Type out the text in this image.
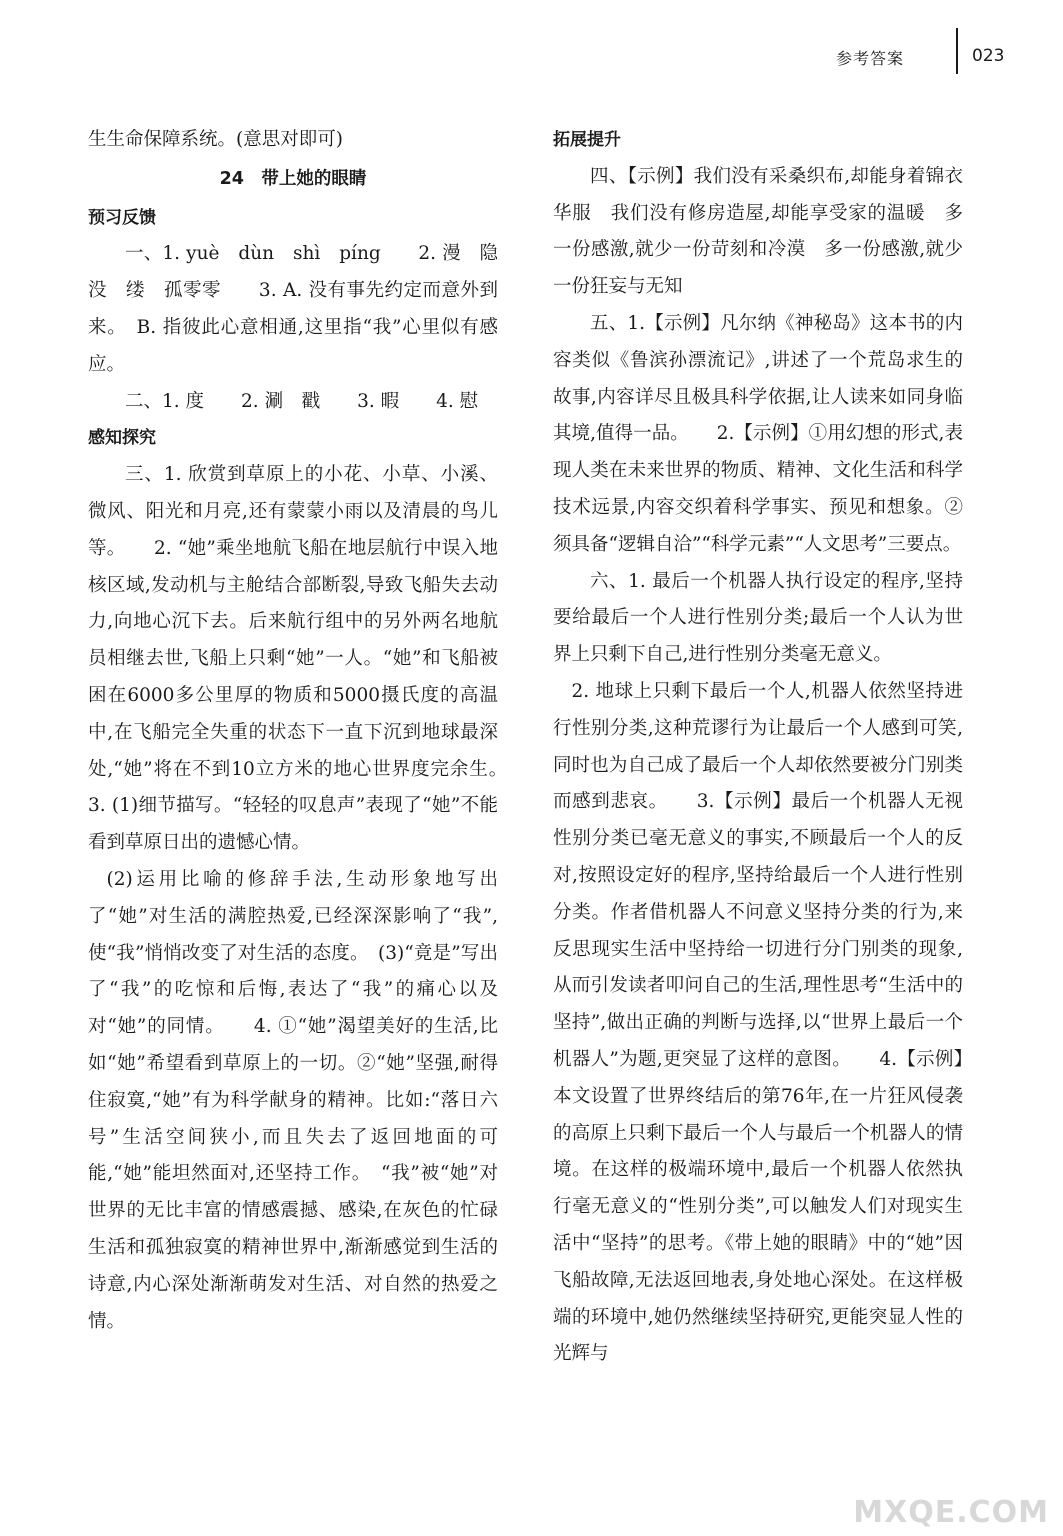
参考答案	023

生生命保障系统。(意思对即可)

24　带上她的眼睛

预习反馈

一、1. yuè　dùn　shì　píng　　2. 漫　隐没　缕　孤零零　　3. A. 没有事先约定而意外到来。　B. 指彼此心意相通,这里指“我”心里似有感应。

二、1. 度　　2. 涮　戳　　3. 暇　　4. 慰

感知探究

三、1. 欣赏到草原上的小花、小草、小溪、微风、阳光和月亮,还有蒙蒙小雨以及清晨的鸟儿等。　　2. “她”乘坐地航飞船在地层航行中误入地核区域,发动机与主舱结合部断裂,导致飞船失去动力,向地心沉下去。后来航行组中的另外两名地航员相继去世,飞船上只剩“她”一人。“她”和飞船被困在6000多公里厚的物质和5000摄氏度的高温中,在飞船完全失重的状态下一直下沉到地球最深处,“她”将在不到10立方米的地心世界度完余生。　　3. (1)细节描写。“轻轻的叹息声”表现了“她”不能看到草原日出的遗憾心情。

(2)运用比喻的修辞手法,生动形象地写出了“她”对生活的满腔热爱,已经深深影响了“我”,使“我”悄悄改变了对生活的态度。　(3)“竟是”写出了“我”的吃惊和后悔,表达了“我”的痛心以及对“她”的同情。　　4. ①“她”渴望美好的生活,比如“她”希望看到草原上的一切。②“她”坚强,耐得住寂寞,“她”有为科学献身的精神。比如:“落日六号”生活空间狭小,而且失去了返回地面的可能,“她”能坦然面对,还坚持工作。　“我”被“她”对世界的无比丰富的情感震撼、感染,在灰色的忙碌生活和孤独寂寞的精神世界中,渐渐感觉到生活的诗意,内心深处渐渐萌发对生活、对自然的热爱之情。

拓展提升

四、【示例】我们没有采桑织布,却能身着锦衣华服　我们没有修房造屋,却能享受家的温暖　多一份感激,就少一份苛刻和冷漠　多一份感激,就少一份狂妄与无知

五、1.【示例】凡尔纳《神秘岛》这本书的内容类似《鲁滨孙漂流记》,讲述了一个荒岛求生的故事,内容详尽且极具科学依据,让人读来如同身临其境,值得一品。　　2.【示例】①用幻想的形式,表现人类在未来世界的物质、精神、文化生活和科学技术远景,内容交织着科学事实、预见和想象。②须具备“逻辑自洽”“科学元素”“人文思考”三要点。

六、1. 最后一个机器人执行设定的程序,坚持要给最后一个人进行性别分类;最后一个人认为世界上只剩下自己,进行性别分类毫无意义。

2. 地球上只剩下最后一个人,机器人依然坚持进行性别分类,这种荒谬行为让最后一个人感到可笑,同时也为自己成了最后一个人却依然要被分门别类而感到悲哀。　　3.【示例】最后一个机器人无视性别分类已毫无意义的事实,不顾最后一个人的反对,按照设定好的程序,坚持给最后一个人进行性别分类。作者借机器人不问意义坚持分类的行为,来反思现实生活中坚持给一切进行分门别类的现象,从而引发读者叩问自己的生活,理性思考“生活中的坚持”,做出正确的判断与选择,以“世界上最后一个机器人”为题,更突显了这样的意图。　　4.【示例】本文设置了世界终结后的第76年,在一片狂风侵袭的高原上只剩下最后一个人与最后一个机器人的情境。在这样的极端环境中,最后一个机器人依然执行毫无意义的“性别分类”,可以触发人们对现实生活中“坚持”的思考。《带上她的眼睛》中的“她”因飞船故障,无法返回地表,身处地心深处。在这样极端的环境中,她仍然继续坚持研究,更能突显人性的光辉与

MXQE.COM
